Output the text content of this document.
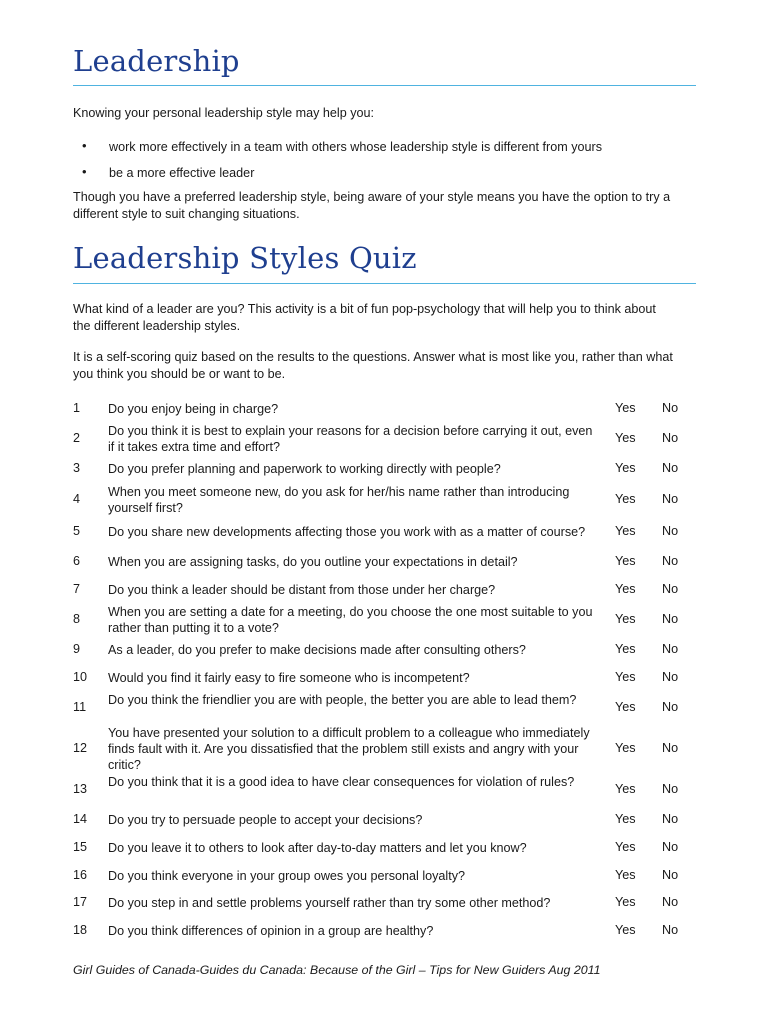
Leadership

Knowing your personal leadership style may help you:

• work more effectively in a team with others whose leadership style is different from yours
• be a more effective leader

Though you have a preferred leadership style, being aware of your style means you have the option to try a different style to suit changing situations.

Leadership Styles Quiz

What kind of a leader are you? This activity is a bit of fun pop-psychology that will help you to think about the different leadership styles.

It is a self-scoring quiz based on the results to the questions. Answer what is most like you, rather than what you think you should be or want to be.

1 Do you enjoy being in charge?	Yes No
2 Do you think it is best to explain your reasons for a decision before carrying it out, even if it takes extra time and effort?
Yes No
3 Do you prefer planning and paperwork to working directly with people?	Yes No
4 When you meet someone new, do you ask for her/his name rather than introducing yourself first?
Yes No
5 Do you share new developments affecting those you work with as a matter of course?	Yes No
6 When you are assigning tasks, do you outline your expectations in detail?	Yes No
7 Do you think a leader should be distant from those under her charge?	Yes No
8 When you are setting a date for a meeting, do you choose the one most suitable to you rather than putting it to a vote?
Yes No
9 As a leader, do you prefer to make decisions made after consulting others?	Yes No
10 Would you find it fairly easy to fire someone who is incompetent?	Yes No
11 Do you think the friendlier you are with people, the better you are able to lead them?	Yes No
12
You have presented your solution to a difficult problem to a colleague who immediately finds fault with it. Are you dissatisfied that the problem still exists and angry with your critic?
Yes No
13 Do you think that it is a good idea to have clear consequences for violation of rules?	Yes No
14 Do you try to persuade people to accept your decisions?	Yes No
15 Do you leave it to others to look after day-to-day matters and let you know?	Yes No
16 Do you think everyone in your group owes you personal loyalty?	Yes No
17 Do you step in and settle problems yourself rather than try some other method?	Yes No
18 Do you think differences of opinion in a group are healthy?	Yes No
Girl Guides of Canada-Guides du Canada: Because of the Girl – Tips for New Guiders Aug 2011
